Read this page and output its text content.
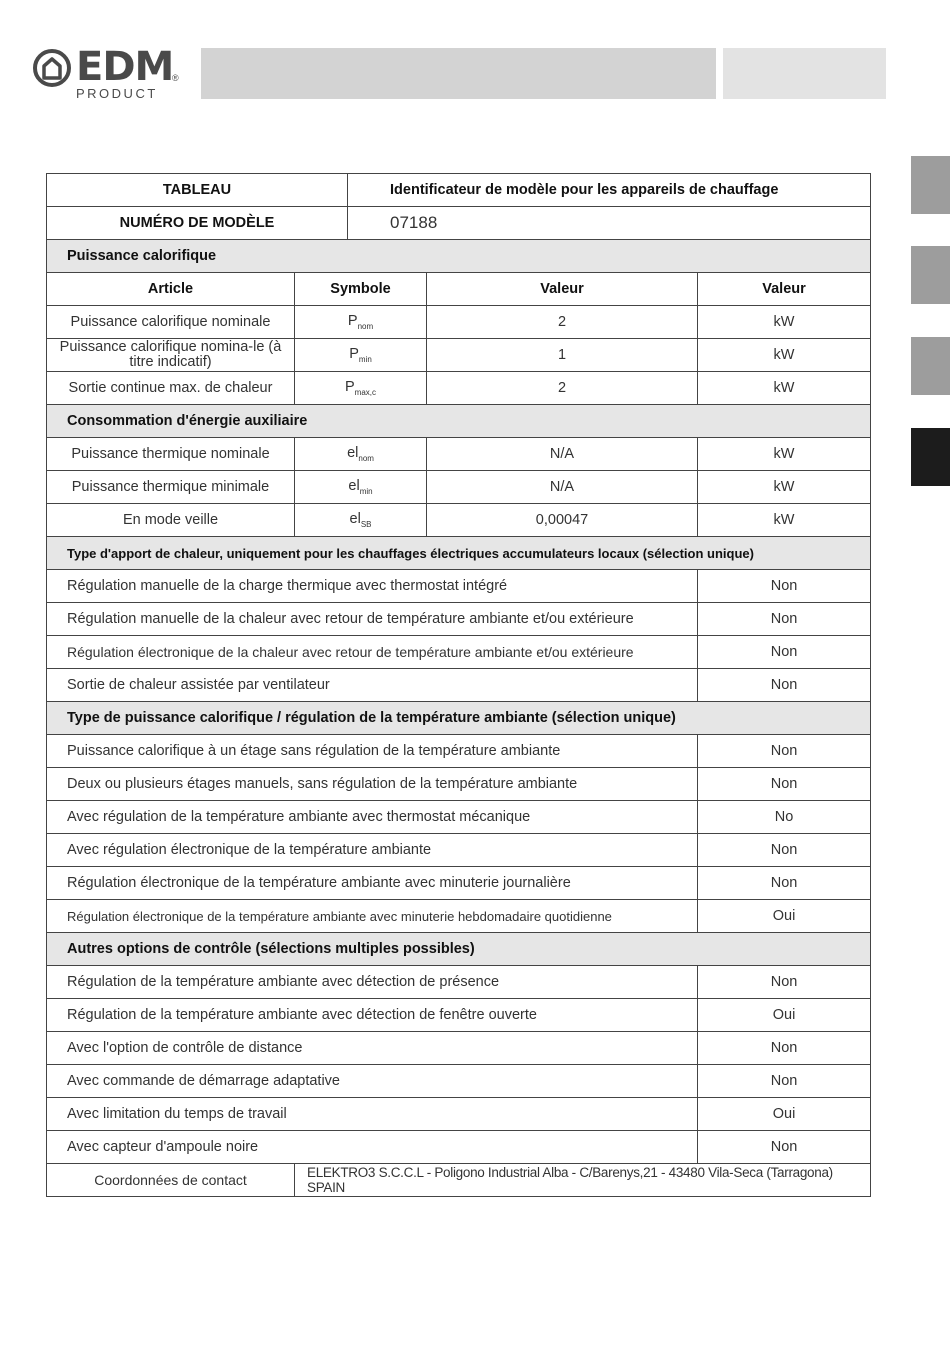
EDM
®
PRODUCT
TABLEAU		Identificateur de modèle pour les appareils de chauffage		
NUMÉRO DE MODÈLE		07188		
Puissance calorifique				
Article	Symbole		Valeur	Valeur
Puissance calorifique nominale	$P_{nom}$		2	kW
Puissance calorifique nomina-le (à titre indicatif)	$P_{min}$		1	kW
Sortie continue max. de chaleur	$P_{max,c}$		2	kW
Consommation d'énergie auxiliaire				
Puissance thermique nominale	$el_{nom}$		N/A	kW
Puissance thermique minimale	$el_{min}$		N/A	kW
En mode veille	$el_{SB}$		0,00047	kW
Type d'apport de chaleur, uniquement pour les chauffages électriques accumulateurs locaux (sélection unique)				
Régulation manuelle de la charge thermique avec thermostat intégré				Non
Régulation manuelle de la chaleur avec retour de température ambiante et/ou extérieure				Non
Régulation électronique de la chaleur avec retour de température ambiante et/ou extérieure				Non
Sortie de chaleur assistée par ventilateur				Non
Type de puissance calorifique / régulation de la température ambiante (sélection unique)				
Puissance calorifique à un étage sans régulation de la température ambiante				Non
Deux ou plusieurs étages manuels, sans régulation de la température ambiante				Non
Avec régulation de la température ambiante avec thermostat mécanique				No
Avec régulation électronique de la température ambiante				Non
Régulation électronique de la température ambiante avec minuterie journalière				Non
Régulation électronique de la température ambiante avec minuterie hebdomadaire quotidienne				Oui
Autres options de contrôle (sélections multiples possibles)				
Régulation de la température ambiante avec détection de présence				Non
Régulation de la température ambiante avec détection de fenêtre ouverte				Oui
Avec l'option de contrôle de distance				Non
Avec commande de démarrage adaptative				Non
Avec limitation du temps de travail				Oui
Avec capteur d'ampoule noire				Non
Coordonnées de contact	ELEKTRO3 S.C.C.L - Poligono Industrial Alba - C/Barenys,21 - 43480 Vila-Seca (Tarragona) SPAIN			
